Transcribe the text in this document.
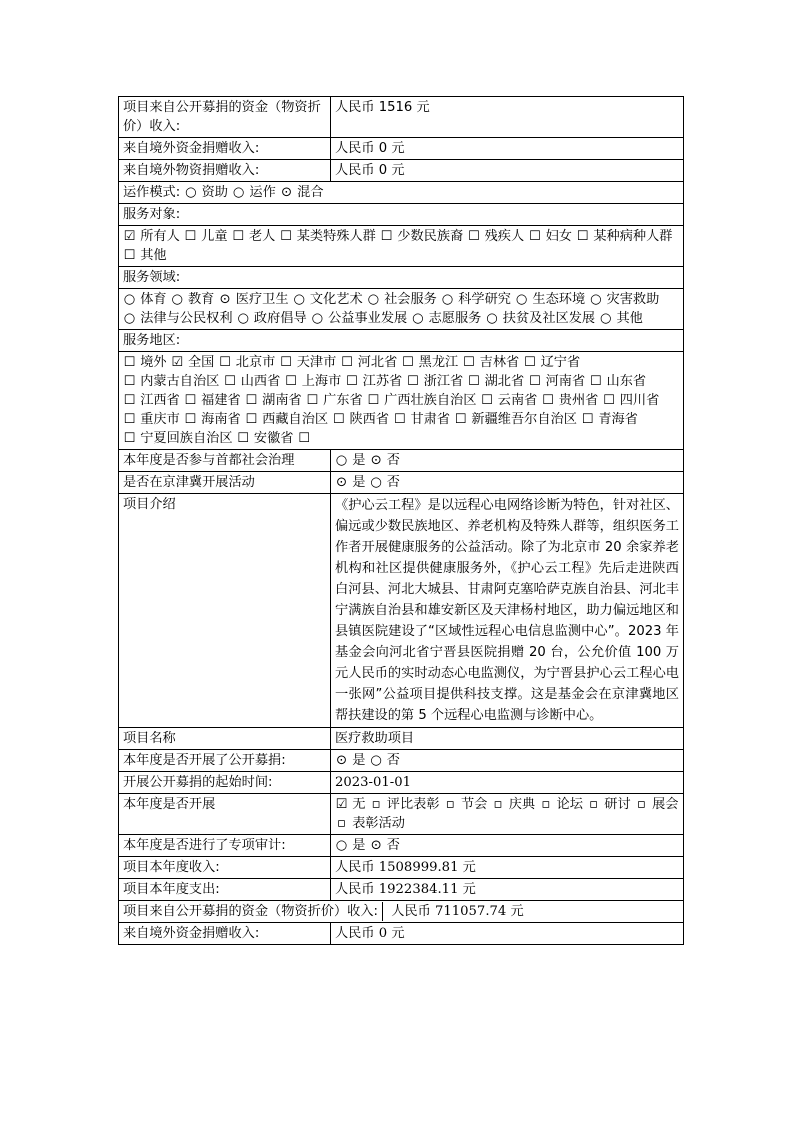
项目来自公开募捐的资金（物资折价）收入:	人民币 1516 元
来自境外资金捐赠收入:	人民币 0 元
来自境外物资捐赠收入:	人民币 0 元
运作模式: ○ 资助 ○ 运作 ⊙ 混合	
服务对象:	
☑ 所有人 ☐ 儿童 ☐ 老人 ☐ 某类特殊人群 ☐ 少数民族裔 ☐ 残疾人 ☐ 妇女 ☐ 某种病种人群 ☐ 其他	
服务领域:	
○ 体育 ○ 教育 ⊙ 医疗卫生 ○ 文化艺术 ○ 社会服务 ○ 科学研究 ○ 生态环境 ○ 灾害救助 ○ 法律与公民权利 ○ 政府倡导 ○ 公益事业发展 ○ 志愿服务 ○ 扶贫及社区发展 ○ 其他	
服务地区:	
☐ 境外 ☑ 全国 ☐ 北京市 ☐ 天津市 ☐ 河北省 ☐ 黑龙江 ☐ 吉林省 ☐ 辽宁省 ☐ 内蒙古自治区 ☐ 山西省 ☐ 上海市 ☐ 江苏省 ☐ 浙江省 ☐ 湖北省 ☐ 河南省 ☐ 山东省 ☐ 江西省 ☐ 福建省 ☐ 湖南省 ☐ 广东省 ☐ 广西壮族自治区 ☐ 云南省 ☐ 贵州省 ☐ 四川省 ☐ 重庆市 ☐ 海南省 ☐ 西藏自治区 ☐ 陕西省 ☐ 甘肃省 ☐ 新疆维吾尔自治区 ☐ 青海省 ☐ 宁夏回族自治区 ☐ 安徽省 ☐	
本年度是否参与首都社会治理	○ 是 ⊙ 否
是否在京津冀开展活动	⊙ 是 ○ 否
项目介绍	《护心云工程》是以远程心电网络诊断为特色，针对社区、偏远或少数民族地区、养老机构及特殊人群等，组织医务工作者开展健康服务的公益活动。除了为北京市 20 余家养老机构和社区提供健康服务外，《护心云工程》先后走进陕西白河县、河北大城县、甘肃阿克塞哈萨克族自治县、河北丰宁满族自治县和雄安新区及天津杨村地区，助力偏远地区和县镇医院建设了“区域性远程心电信息监测中心”。2023 年基金会向河北省宁晋县医院捐赠 20 台，公允价值 100 万元人民币的实时动态心电监测仪，为宁晋县护心云工程心电一张网”公益项目提供科技支撑。这是基金会在京津冀地区帮扶建设的第 5 个远程心电监测与诊断中心。
项目名称	医疗救助项目
本年度是否开展了公开募捐:	⊙ 是 ○ 否
开展公开募捐的起始时间:	2023-01-01
本年度是否开展	☑ 无 ▫ 评比表彰 ▫ 节会 ▫ 庆典 ▫ 论坛 ▫ 研讨 ▫ 展会 ▫ 表彰活动
本年度是否进行了专项审计:	○ 是 ⊙ 否
项目本年度收入:	人民币 1508999.81 元
项目本年度支出:	人民币 1922384.11 元
项目来自公开募捐的资金（物资折价）收入: 人民币 711057.74 元	
来自境外资金捐赠收入:	人民币 0 元
